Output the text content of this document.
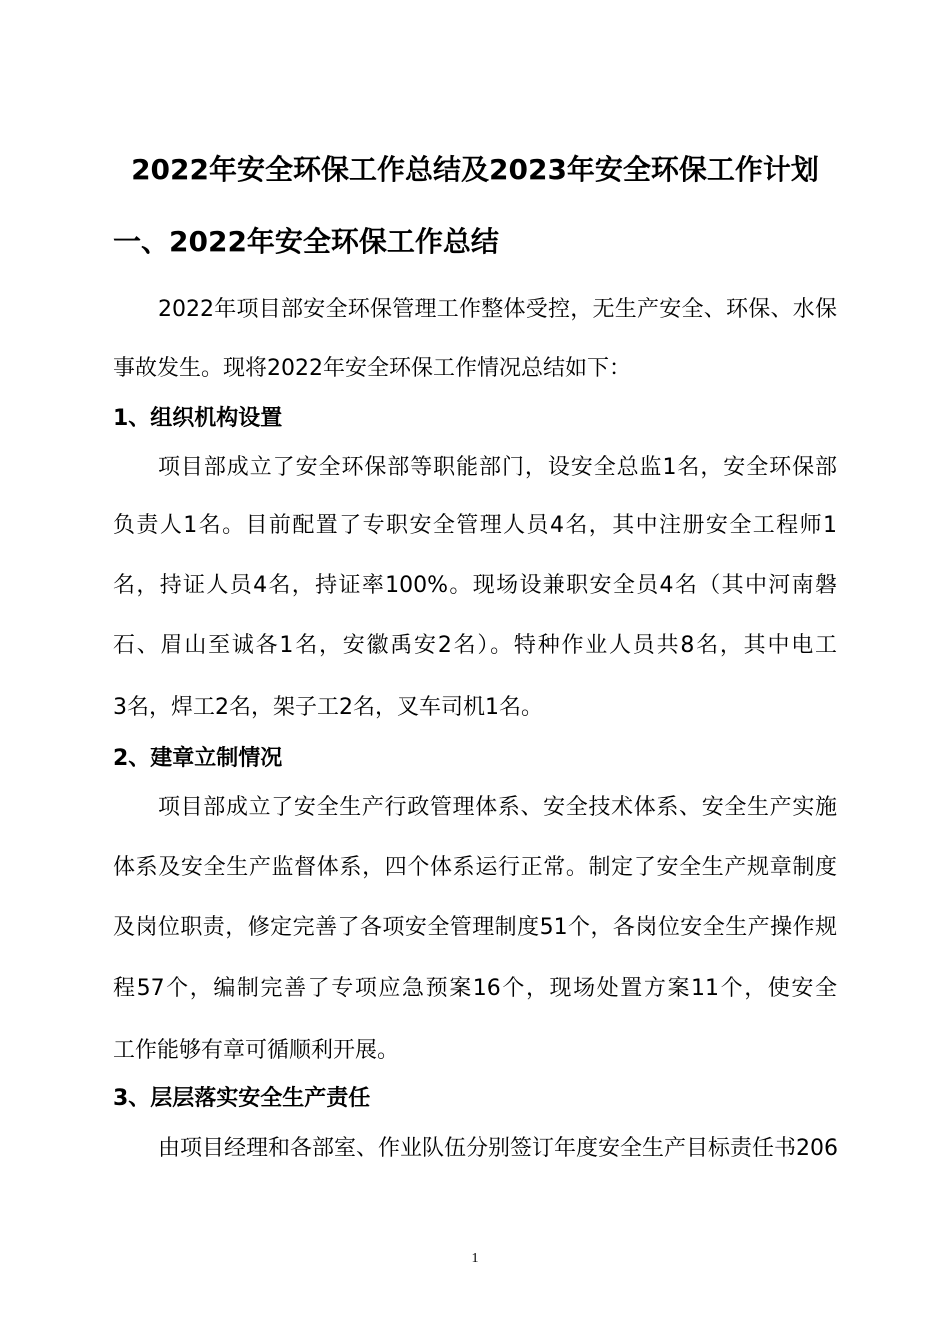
2022年安全环保工作总结及2023年安全环保工作计划
一、2022年安全环保工作总结
2022年项目部安全环保管理工作整体受控，无生产安全、环保、水保
事故发生。现将2022年安全环保工作情况总结如下：
1、组织机构设置
项目部成立了安全环保部等职能部门，设安全总监1名，安全环保部
负责人1名。目前配置了专职安全管理人员4名，其中注册安全工程师1
名，持证人员4名，持证率100%。现场设兼职安全员4名（其中河南磐
石、眉山至诚各1名，安徽禹安2名）。特种作业人员共8名，其中电工
3名，焊工2名，架子工2名，叉车司机1名。
2、建章立制情况
项目部成立了安全生产行政管理体系、安全技术体系、安全生产实施
体系及安全生产监督体系，四个体系运行正常。制定了安全生产规章制度
及岗位职责，修定完善了各项安全管理制度51个，各岗位安全生产操作规
程57个，编制完善了专项应急预案16个，现场处置方案11个，使安全
工作能够有章可循顺利开展。
3、层层落实安全生产责任
由项目经理和各部室、作业队伍分别签订年度安全生产目标责任书206
1
